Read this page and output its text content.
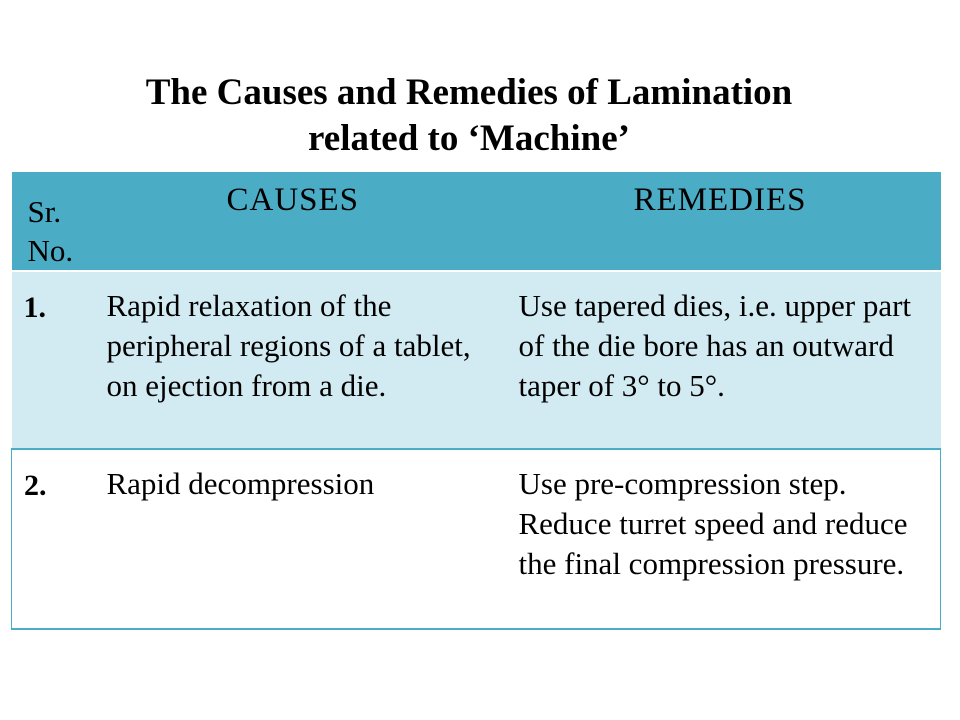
The Causes and Remedies of Lamination
related to ‘Machine’
Sr.
No.	CAUSES	REMEDIES
1.	Rapid relaxation of the peripheral regions of a tablet, on ejection from a die.	Use tapered dies, i.e. upper part of the die bore has an outward taper of 3° to 5°.
2.	Rapid decompression	Use pre-compression step. Reduce turret speed and reduce the final compression pressure.
